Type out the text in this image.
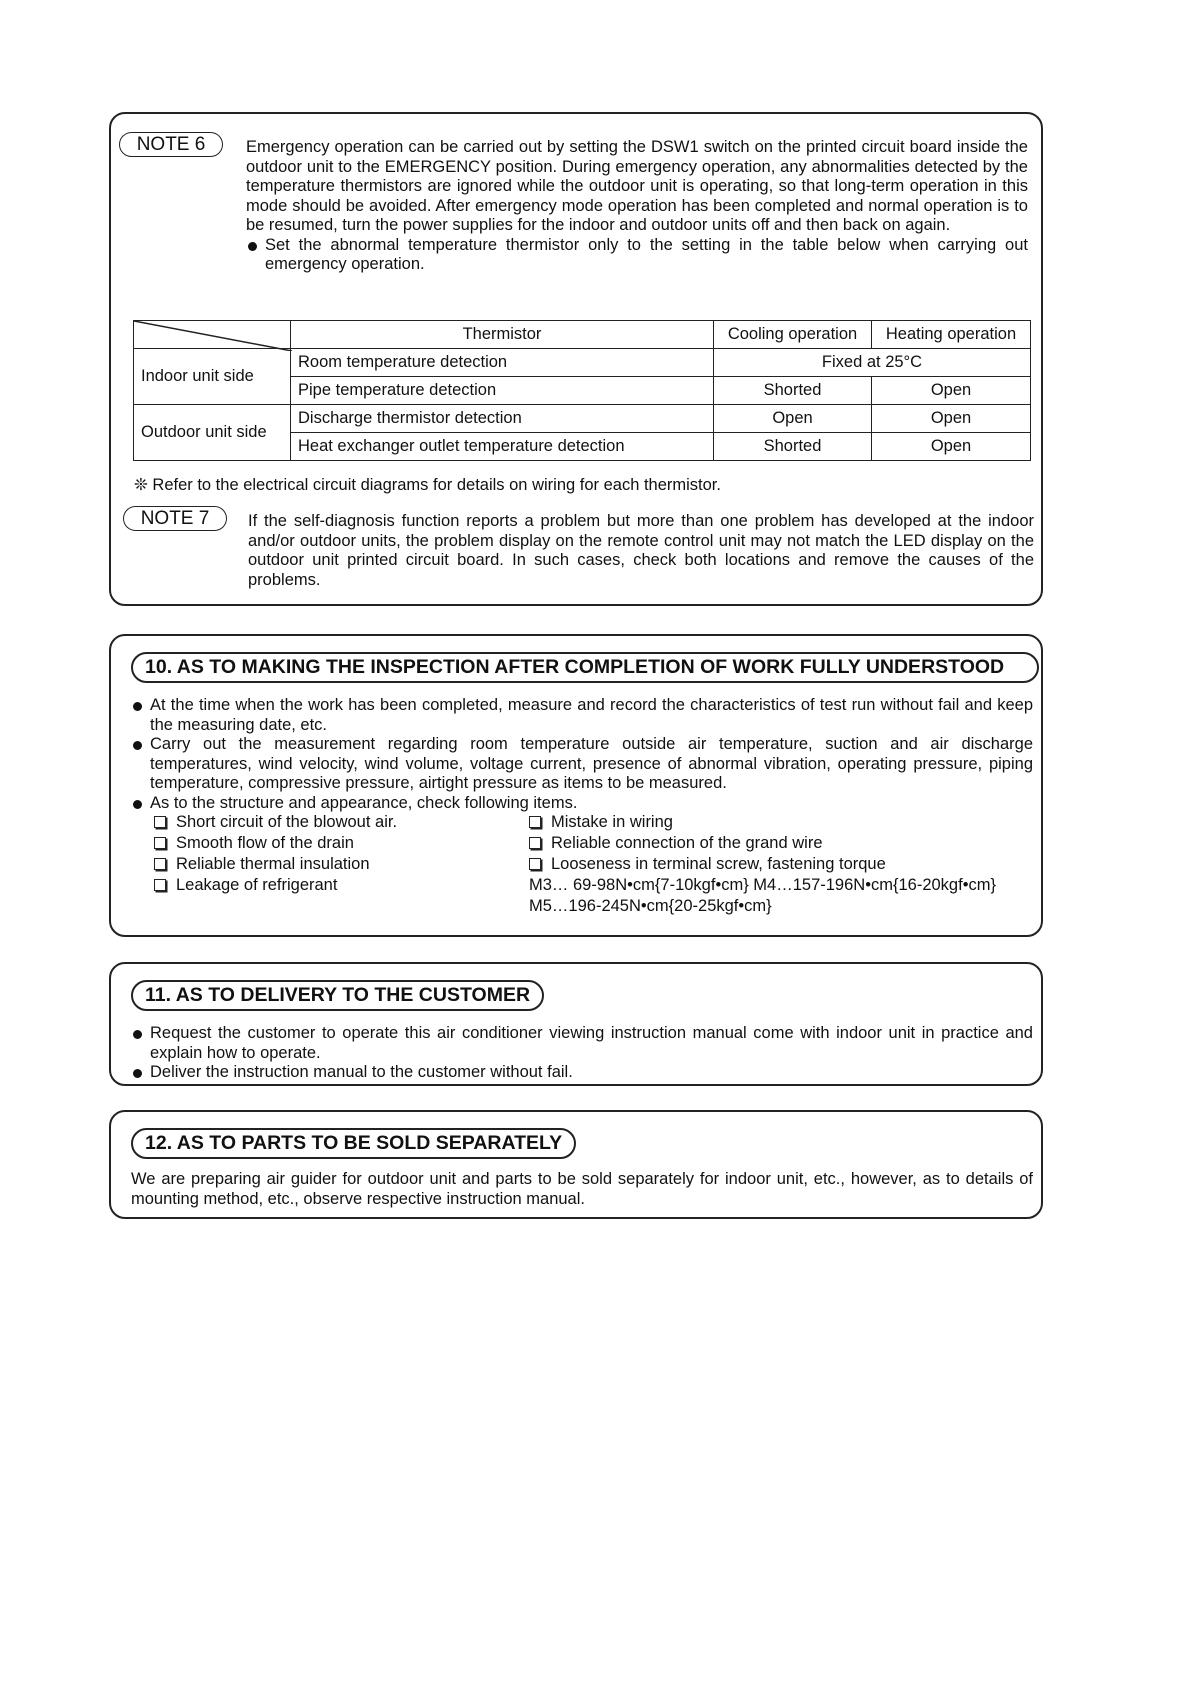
NOTE 6	Emergency operation can be carried out by setting the DSW1 switch on the printed circuit board inside the outdoor unit to the EMERGENCY position. During emergency operation, any abnormalities detected by the temperature thermistors are ignored while the outdoor unit is operating, so that long-term operation in this mode should be avoided. After emergency mode operation has been completed and normal operation is to be resumed, turn the power supplies for the indoor and outdoor units off and then back on again.
Set the abnormal temperature thermistor only to the setting in the table below when carrying out emergency operation.
	Thermistor	Cooling operation	Heating operation
Indoor unit side	Room temperature detection	Fixed at 25°C	
	Pipe temperature detection	Shorted	Open
Outdoor unit side	Discharge thermistor detection	Open	Open
	Heat exchanger outlet temperature detection	Shorted	Open
❊ Refer to the electrical circuit diagrams for details on wiring for each thermistor.
NOTE 7	If the self-diagnosis function reports a problem but more than one problem has developed at the indoor and/or outdoor units, the problem display on the remote control unit may not match the LED display on the outdoor unit printed circuit board. In such cases, check both locations and remove the causes of the problems.
10. AS TO MAKING THE INSPECTION AFTER COMPLETION OF WORK FULLY UNDERSTOOD
At the time when the work has been completed, measure and record the characteristics of test run without fail and keep the measuring date, etc.
Carry out the measurement regarding room temperature outside air temperature, suction and air discharge temperatures, wind velocity, wind volume, voltage current, presence of abnormal vibration, operating pressure, piping temperature, compressive pressure, airtight pressure as items to be measured.
As to the structure and appearance, check following items.
Short circuit of the blowout air.
Smooth flow of the drain
Reliable thermal insulation
Leakage of refrigerant
Mistake in wiring
Reliable connection of the grand wire
Looseness in terminal screw, fastening torque
M3… 69-98N•cm{7-10kgf•cm} M4…157-196N•cm{16-20kgf•cm}
M5…196-245N•cm{20-25kgf•cm}
11. AS TO DELIVERY TO THE CUSTOMER
Request the customer to operate this air conditioner viewing instruction manual come with indoor unit in practice and explain how to operate.
Deliver the instruction manual to the customer without fail.
12. AS TO PARTS TO BE SOLD SEPARATELY
We are preparing air guider for outdoor unit and parts to be sold separately for indoor unit, etc., however, as to details of mounting method, etc., observe respective instruction manual.
